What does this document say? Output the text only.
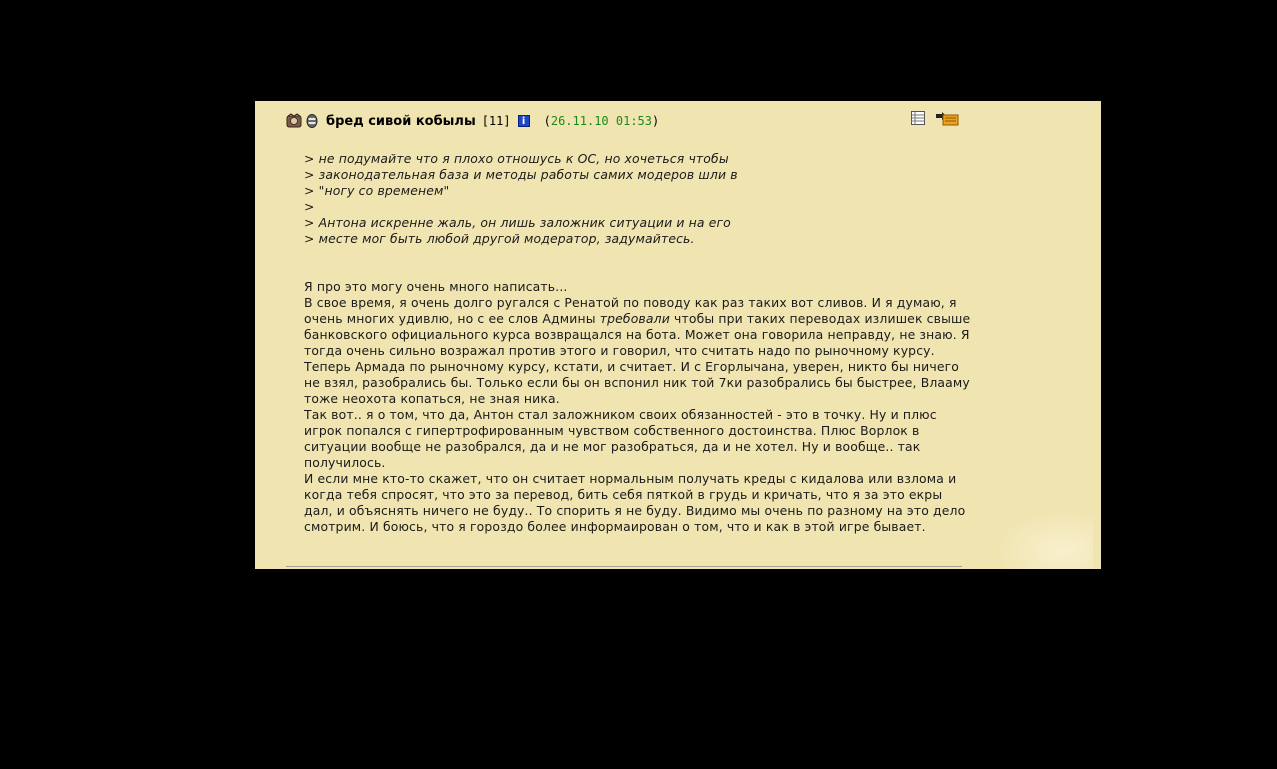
бред сивой кобылы [11]	i	(26.11.10 01:53)

> не подумайте что я плохо отношусь к ОС, но хочеться чтобы

> законодательная база и методы работы самих модеров шли в

> "ногу со временем"

>

> Антона искренне жаль, он лишь заложник ситуации и на его

> месте мог быть любой другой модератор, задумайтесь.

Я про это могу очень много написать...

В свое время, я очень долго ругался с Ренатой по поводу как раз таких вот сливов. И я думаю, я очень многих удивлю, но с ее слов Админы требовали чтобы при таких переводах излишек свыше банковского официального курса возвращался на бота. Может она говорила неправду, не знаю. Я тогда очень сильно возражал против этого и говорил, что считать надо по рыночному курсу. Теперь Армада по рыночному курсу, кстати, и считает. И с Егорлычана, уверен, никто бы ничего не взял, разобрались бы. Только если бы он вспонил ник той 7ки разобрались бы быстрее, Влааму тоже неохота копаться, не зная ника.

Так вот.. я о том, что да, Антон стал заложником своих обязанностей - это в точку. Ну и плюс игрок попался с гипертрофированным чувством собственного достоинства. Плюс Ворлок в ситуации вообще не разобрался, да и не мог разобраться, да и не хотел. Ну и вообще.. так получилось.

И если мне кто-то скажет, что он считает нормальным получать креды с кидалова или взлома и когда тебя спросят, что это за перевод, бить себя пяткой в грудь и кричать, что я за это екры дал, и объяснять ничего не буду.. То спорить я не буду. Видимо мы очень по разному на это дело смотрим. И боюсь, что я гороздо более информаирован о том, что и как в этой игре бывает.
